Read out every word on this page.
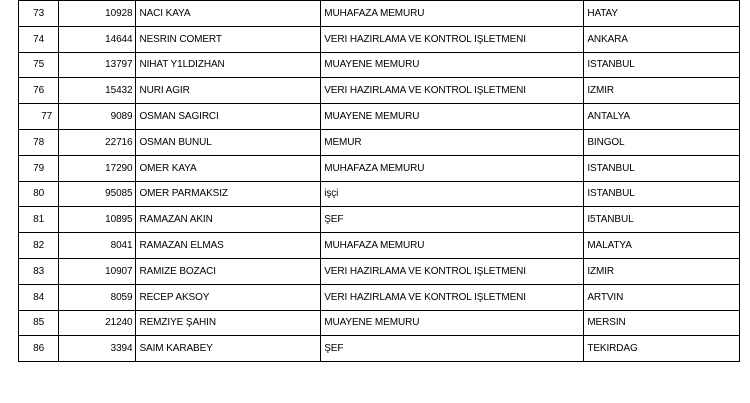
73	10928	NACI KAYA	MUHAFAZA MEMURU	HATAY
74	14644	NESRIN COMERT	VERI HAZIRLAMA VE KONTROL IŞLETMENI	ANKARA
75	13797	NIHAT Y1LDIZHAN	MUAYENE MEMURU	ISTANBUL
76	15432	NURI AGIR	VERI HAZIRLAMA VE KONTROL IŞLETMENI	IZMIR
77	9089	OSMAN SAGIRCI	MUAYENE MEMURU	ANTALYA
78	22716	OSMAN BUNUL	MEMUR	BINGOL
79	17290	OMER KAYA	MUHAFAZA MEMURU	ISTANBUL
80	95085	OMER PARMAKSIZ	işçi	ISTANBUL
81	10895	RAMAZAN AKIN	ŞEF	I5TANBUL
82	8041	RAMAZAN ELMAS	MUHAFAZA MEMURU	MALATYA
83	10907	RAMIZE BOZACI	VERI HAZIRLAMA VE KONTROL IŞLETMENI	IZMIR
84	8059	RECEP AKSOY	VERI HAZIRLAMA VE KONTROL IŞLETMENI	ARTVIN
85	21240	REMZIYE ŞAHIN	MUAYENE MEMURU	MERSIN
86	3394	SAIM KARABEY	ŞEF	TEKIRDAG
